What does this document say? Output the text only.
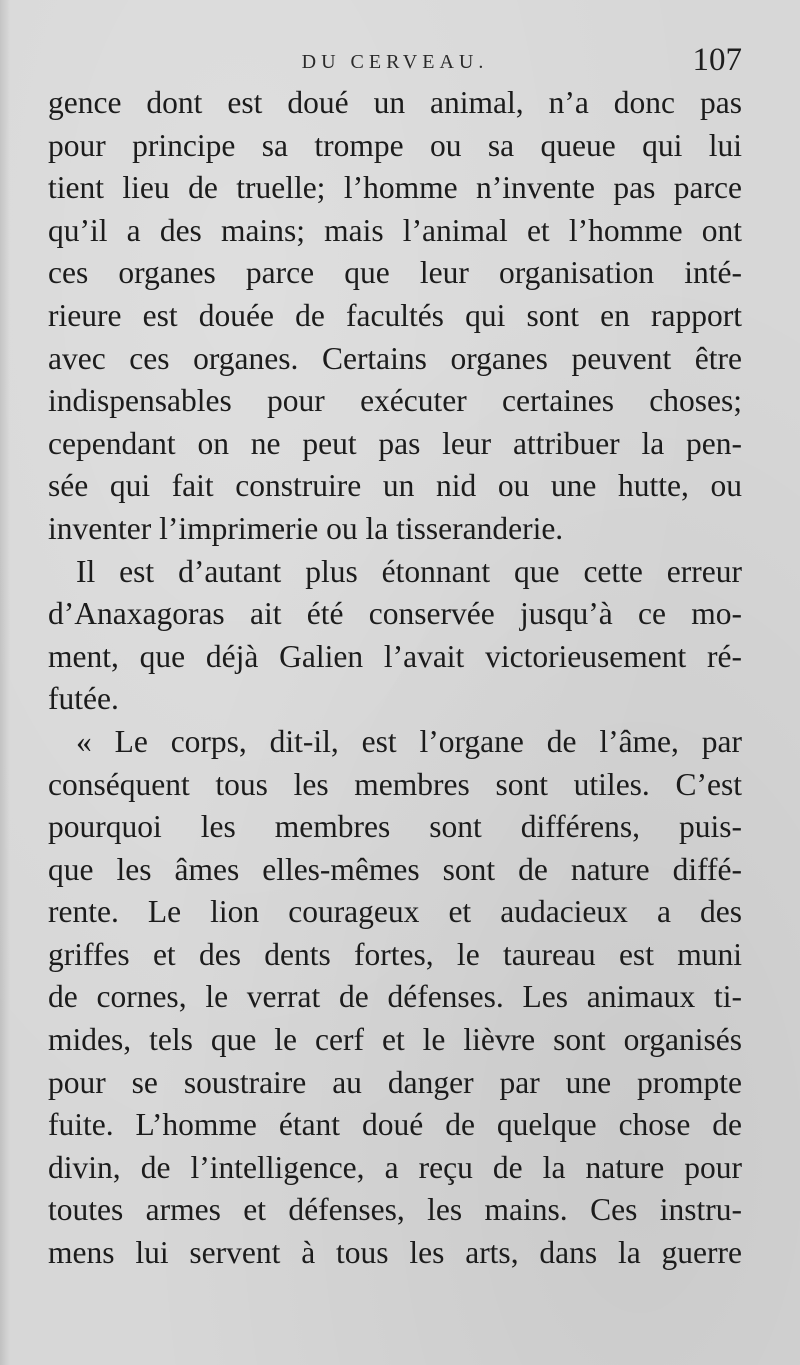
DU CERVEAU.	107
gence dont est doué un animal, n’a donc pas
pour principe sa trompe ou sa queue qui lui
tient lieu de truelle; l’homme n’invente pas parce
qu’il a des mains; mais l’animal et l’homme ont
ces organes parce que leur organisation inté-
rieure est douée de facultés qui sont en rapport
avec ces organes. Certains organes peuvent être
indispensables pour exécuter certaines choses;
cependant on ne peut pas leur attribuer la pen-
sée qui fait construire un nid ou une hutte, ou
inventer l’imprimerie ou la tisseranderie.
Il est d’autant plus étonnant que cette erreur
d’Anaxagoras ait été conservée jusqu’à ce mo-
ment, que déjà Galien l’avait victorieusement ré-
futée.
« Le corps, dit-il, est l’organe de l’âme, par
conséquent tous les membres sont utiles. C’est
pourquoi les membres sont différens, puis-
que les âmes elles-mêmes sont de nature diffé-
rente. Le lion courageux et audacieux a des
griffes et des dents fortes, le taureau est muni
de cornes, le verrat de défenses. Les animaux ti-
mides, tels que le cerf et le lièvre sont organisés
pour se soustraire au danger par une prompte
fuite. L’homme étant doué de quelque chose de
divin, de l’intelligence, a reçu de la nature pour
toutes armes et défenses, les mains. Ces instru-
mens lui servent à tous les arts, dans la guerre
